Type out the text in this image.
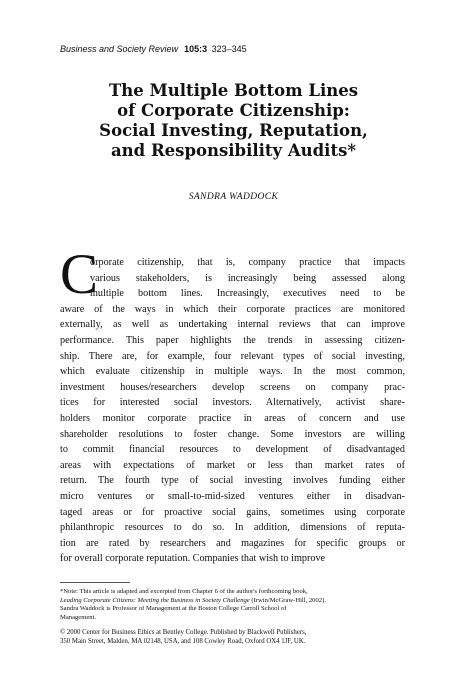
Business and Society Review 105:3 323–345
The Multiple Bottom Lines
of Corporate Citizenship:
Social Investing, Reputation,
and Responsibility Audits*
SANDRA WADDOCK
C
orporate citizenship, that is, company practice that impacts
various stakeholders, is increasingly being assessed along
multiple bottom lines. Increasingly, executives need to be
aware of the ways in which their corporate practices are monitored
externally, as well as undertaking internal reviews that can improve
performance. This paper highlights the trends in assessing citizen-
ship. There are, for example, four relevant types of social investing,
which evaluate citizenship in multiple ways. In the most common,
investment houses/researchers develop screens on company prac-
tices for interested social investors. Alternatively, activist share-
holders monitor corporate practice in areas of concern and use
shareholder resolutions to foster change. Some investors are willing
to commit financial resources to development of disadvantaged
areas with expectations of market or less than market rates of
return. The fourth type of social investing involves funding either
micro ventures or small-to-mid-sized ventures either in disadvan-
taged areas or for proactive social gains, sometimes using corporate
philanthropic resources to do so. In addition, dimensions of reputa-
tion are rated by researchers and magazines for specific groups or
for overall corporate reputation. Companies that wish to improve
*Note: This article is adapted and excerpted from Chapter 6 of the author's forthcoming book,
Leading Corporate Citizens: Meeting the Business in Society Challenge (Irwin/McGraw-Hill, 2002).
Sandra Waddock is Professor of Management at the Boston College Carroll School of
Management.
© 2000 Center for Business Ethics at Bentley College. Published by Blackwell Publishers,
350 Main Street, Malden, MA 02148, USA, and 108 Cowley Road, Oxford OX4 1JF, UK.
